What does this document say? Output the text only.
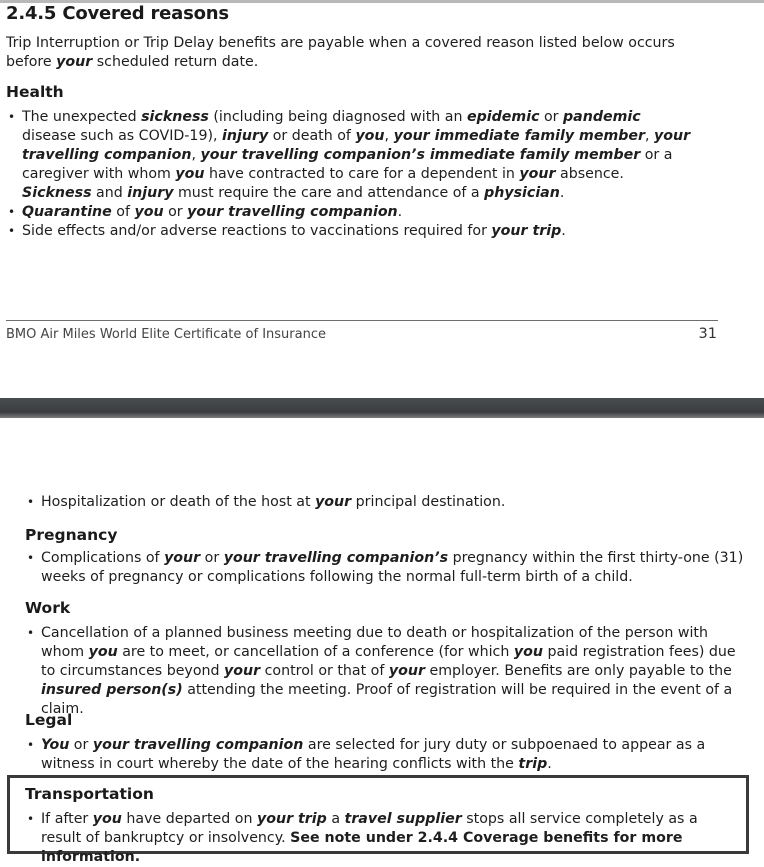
2.4.5 Covered reasons

Trip Interruption or Trip Delay benefits are payable when a covered reason listed below occurs before your scheduled return date.

Health
• The unexpected sickness (including being diagnosed with an epidemic or pandemic disease such as COVID-19), injury or death of you, your immediate family member, your travelling companion, your travelling companion’s immediate family member or a caregiver with whom you have contracted to care for a dependent in your absence. Sickness and injury must require the care and attendance of a physician.
• Quarantine of you or your travelling companion.
• Side effects and/or adverse reactions to vaccinations required for your trip.
BMO Air Miles World Elite Certificate of Insurance	31
• Hospitalization or death of the host at your principal destination.
Pregnancy
• Complications of your or your travelling companion’s pregnancy within the first thirty-one (31) weeks of pregnancy or complications following the normal full-term birth of a child.
Work
• Cancellation of a planned business meeting due to death or hospitalization of the person with whom you are to meet, or cancellation of a conference (for which you paid registration fees) due to circumstances beyond your control or that of your employer. Benefits are only payable to the insured person(s) attending the meeting. Proof of registration will be required in the event of a claim.
Legal
• You or your travelling companion are selected for jury duty or subpoenaed to appear as a witness in court whereby the date of the hearing conflicts with the trip.
Transportation
• If after you have departed on your trip a travel supplier stops all service completely as a result of bankruptcy or insolvency. See note under 2.4.4 Coverage benefits for more information.
